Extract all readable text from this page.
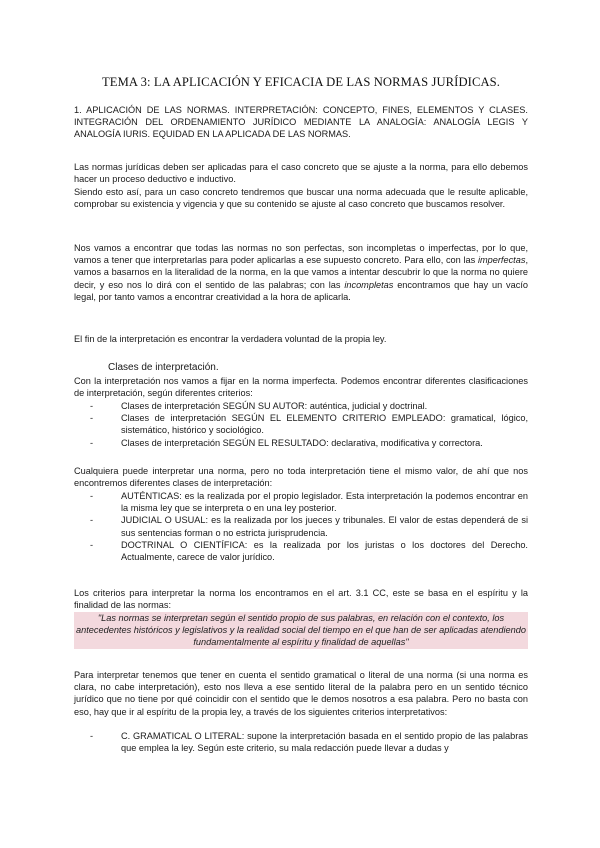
TEMA 3: LA APLICACIÓN Y EFICACIA DE LAS NORMAS JURÍDICAS.

1. APLICACIÓN DE LAS NORMAS. INTERPRETACIÓN: CONCEPTO, FINES, ELEMENTOS Y CLASES. INTEGRACIÓN DEL ORDENAMIENTO JURÍDICO MEDIANTE LA ANALOGÍA: ANALOGÍA LEGIS Y ANALOGÍA IURIS. EQUIDAD EN LA APLICADA DE LAS NORMAS.

Las normas jurídicas deben ser aplicadas para el caso concreto que se ajuste a la norma, para ello debemos hacer un proceso deductivo e inductivo.

Siendo esto así, para un caso concreto tendremos que buscar una norma adecuada que le resulte aplicable, comprobar su existencia y vigencia y que su contenido se ajuste al caso concreto que buscamos resolver.

Nos vamos a encontrar que todas las normas no son perfectas, son incompletas o imperfectas, por lo que, vamos a tener que interpretarlas para poder aplicarlas a ese supuesto concreto. Para ello, con las imperfectas, vamos a basarnos en la literalidad de la norma, en la que vamos a intentar descubrir lo que la norma no quiere decir, y eso nos lo dirá con el sentido de las palabras; con las incompletas encontramos que hay un vacío legal, por tanto vamos a encontrar creatividad a la hora de aplicarla.

El fin de la interpretación es encontrar la verdadera voluntad de la propia ley.

Clases de interpretación.

Con la interpretación nos vamos a fijar en la norma imperfecta. Podemos encontrar diferentes clasificaciones de interpretación, según diferentes criterios:

-	Clases de interpretación SEGÚN SU AUTOR: auténtica, judicial y doctrinal.
-	Clases de interpretación SEGÚN EL ELEMENTO CRITERIO EMPLEADO: gramatical, lógico, sistemático, histórico y sociológico.
-	Clases de interpretación SEGÚN EL RESULTADO: declarativa, modificativa y correctora.

Cualquiera puede interpretar una norma, pero no toda interpretación tiene el mismo valor, de ahí que nos encontremos diferentes clases de interpretación:

-	AUTÉNTICAS: es la realizada por el propio legislador. Esta interpretación la podemos encontrar en la misma ley que se interpreta o en una ley posterior.
-	JUDICIAL O USUAL: es la realizada por los jueces y tribunales. El valor de estas dependerá de si sus sentencias forman o no estricta jurisprudencia.
-	DOCTRINAL O CIENTÍFICA: es la realizada por los juristas o los doctores del Derecho. Actualmente, carece de valor jurídico.

Los criterios para interpretar la norma los encontramos en el art. 3.1 CC, este se basa en el espíritu y la finalidad de las normas:

"Las normas se interpretan según el sentido propio de sus palabras, en relación con el contexto, los antecedentes históricos y legislativos y la realidad social del tiempo en el que han de ser aplicadas atendiendo fundamentalmente al espíritu y finalidad de aquellas"

Para interpretar tenemos que tener en cuenta el sentido gramatical o literal de una norma (si una norma es clara, no cabe interpretación), esto nos lleva a ese sentido literal de la palabra pero en un sentido técnico jurídico que no tiene por qué coincidir con el sentido que le demos nosotros a esa palabra. Pero no basta con eso, hay que ir al espíritu de la propia ley, a través de los siguientes criterios interpretativos:

-	C. GRAMATICAL O LITERAL: supone la interpretación basada en el sentido propio de las palabras que emplea la ley. Según este criterio, su mala redacción puede llevar a dudas y
